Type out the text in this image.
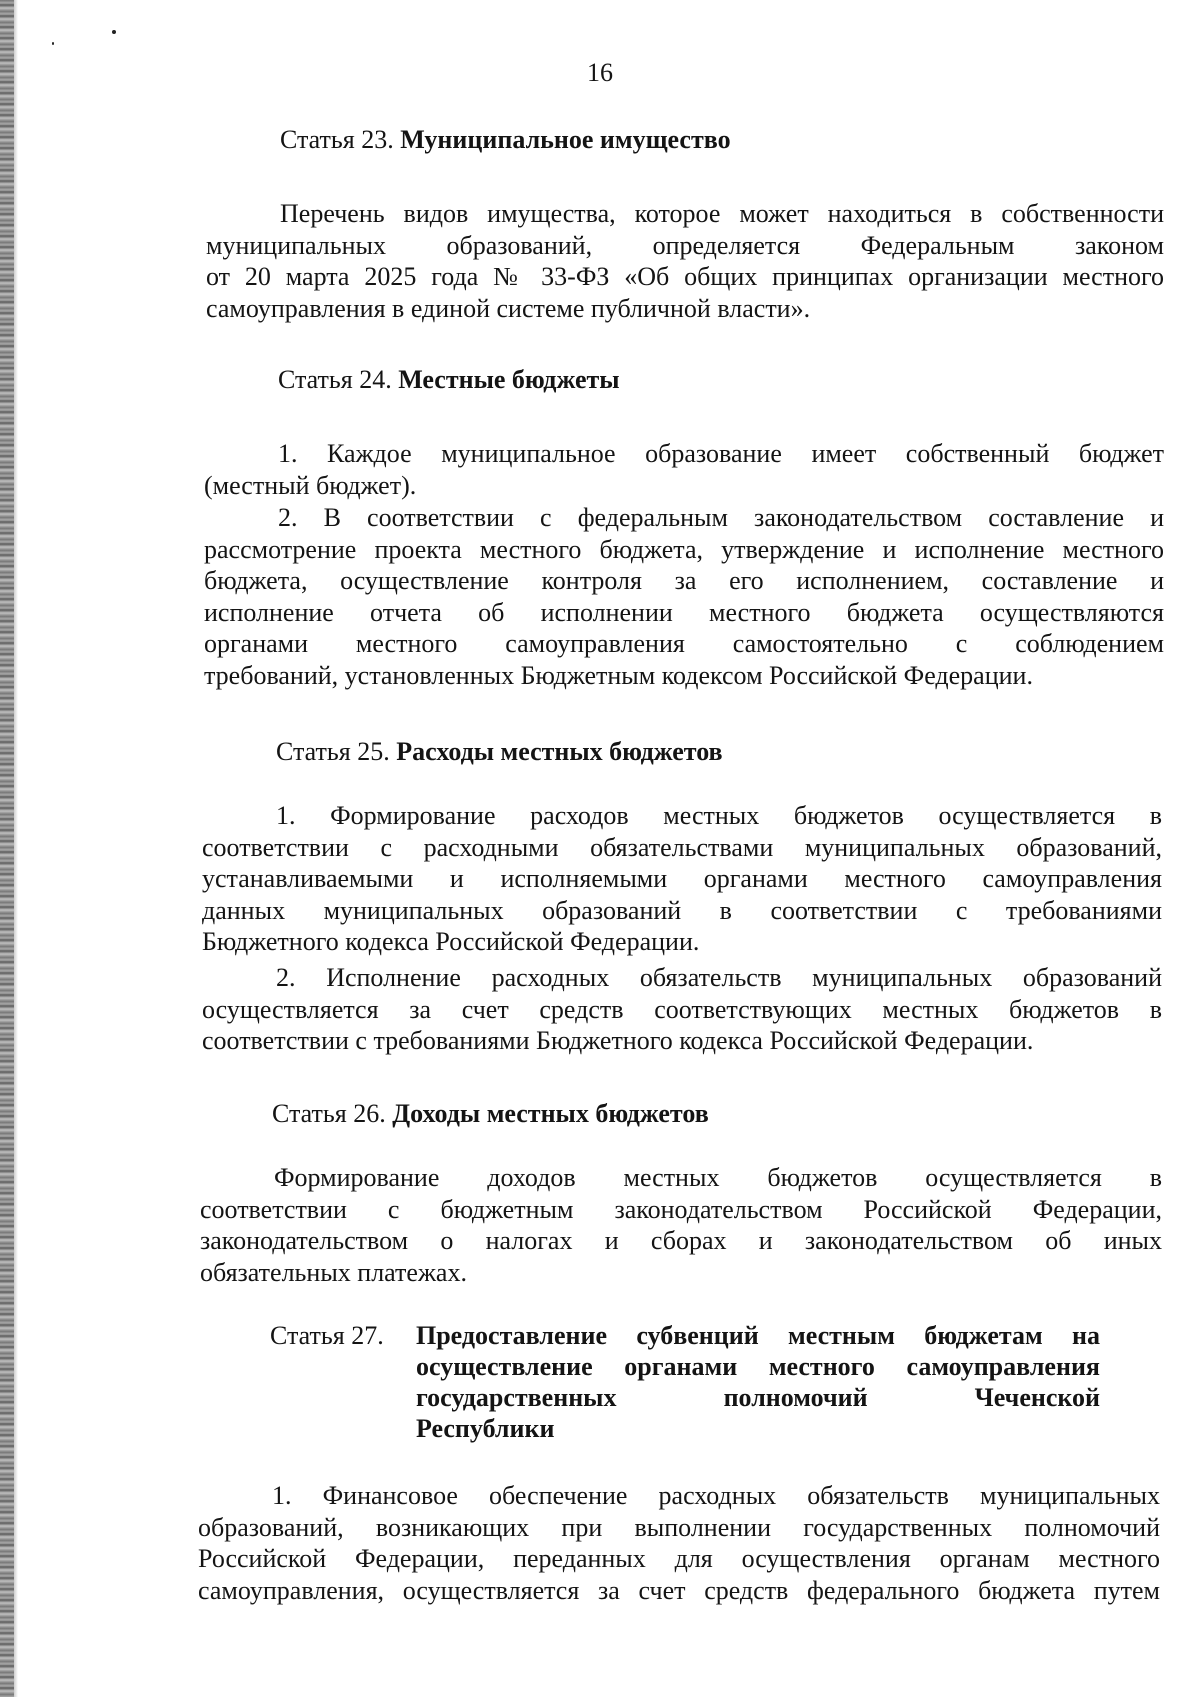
16
Статья 23. Муниципальное имущество
Перечень видов имущества, которое может находиться в собственности
муниципальных образований, определяется Федеральным законом
от 20 марта 2025 года № 33-ФЗ «Об общих принципах организации местного
самоуправления в единой системе публичной власти».
Статья 24. Местные бюджеты
1. Каждое муниципальное образование имеет собственный бюджет
(местный бюджет).
2. В соответствии с федеральным законодательством составление и
рассмотрение проекта местного бюджета, утверждение и исполнение местного
бюджета, осуществление контроля за его исполнением, составление и
исполнение отчета об исполнении местного бюджета осуществляются
органами местного самоуправления самостоятельно с соблюдением
требований, установленных Бюджетным кодексом Российской Федерации.
Статья 25. Расходы местных бюджетов
1. Формирование расходов местных бюджетов осуществляется в
соответствии с расходными обязательствами муниципальных образований,
устанавливаемыми и исполняемыми органами местного самоуправления
данных муниципальных образований в соответствии с требованиями
Бюджетного кодекса Российской Федерации.
2. Исполнение расходных обязательств муниципальных образований
осуществляется за счет средств соответствующих местных бюджетов в
соответствии с требованиями Бюджетного кодекса Российской Федерации.
Статья 26. Доходы местных бюджетов
Формирование доходов местных бюджетов осуществляется в
соответствии с бюджетным законодательством Российской Федерации,
законодательством о налогах и сборах и законодательством об иных
обязательных платежах.
Статья 27. Предоставление субвенций местным бюджетам на
осуществление органами местного самоуправления
государственных полномочий Чеченской
Республики
1. Финансовое обеспечение расходных обязательств муниципальных
образований, возникающих при выполнении государственных полномочий
Российской Федерации, переданных для осуществления органам местного
самоуправления, осуществляется за счет средств федерального бюджета путем
